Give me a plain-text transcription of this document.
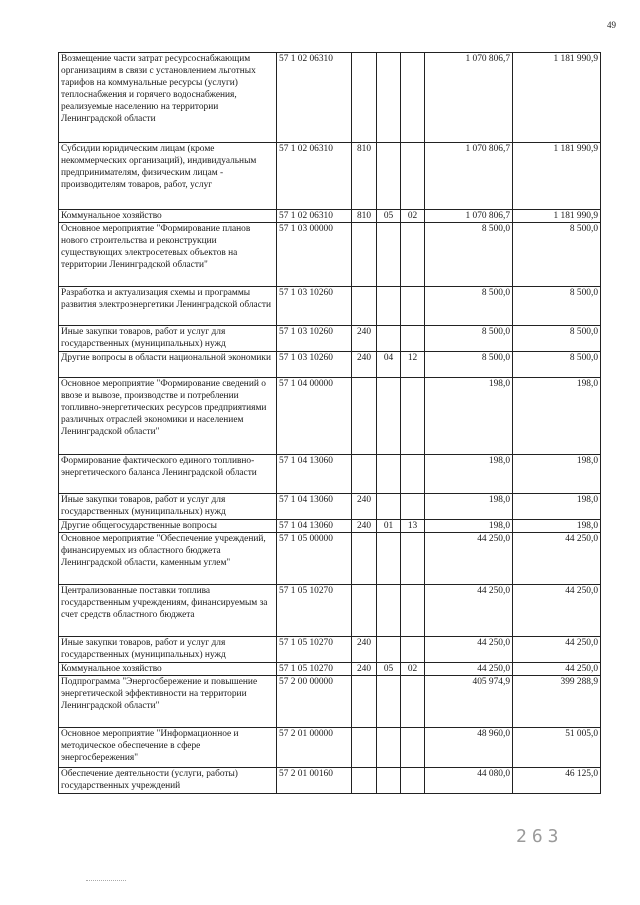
49
Возмещение части затрат ресурсоснабжающим организациям в связи с установлением льготных тарифов на коммунальные ресурсы (услуги) теплоснабжения и горячего водоснабжения, реализуемые населению на территории Ленинградской области	57 1 02 06310				1 070 806,7	1 181 990,9
Субсидии юридическим лицам (кроме некоммерческих организаций), индивидуальным предпринимателям, физическим лицам - производителям товаров, работ, услуг	57 1 02 06310	810			1 070 806,7	1 181 990,9
Коммунальное хозяйство	57 1 02 06310	810	05	02	1 070 806,7	1 181 990,9
Основное мероприятие "Формирование планов нового строительства и реконструкции существующих электросетевых объектов на территории Ленинградской области"	57 1 03 00000				8 500,0	8 500,0
Разработка и актуализация схемы и программы развития электроэнергетики Ленинградской области	57 1 03 10260				8 500,0	8 500,0
Иные закупки товаров, работ и услуг для государственных (муниципальных) нужд	57 1 03 10260	240			8 500,0	8 500,0
Другие вопросы в области национальной экономики	57 1 03 10260	240	04	12	8 500,0	8 500,0
Основное мероприятие "Формирование сведений о ввозе и вывозе, производстве и потреблении топливно-энергетических ресурсов предприятиями различных отраслей экономики и населением Ленинградской области"	57 1 04 00000				198,0	198,0
Формирование фактического единого топливно-энергетического баланса Ленинградской области	57 1 04 13060				198,0	198,0
Иные закупки товаров, работ и услуг для государственных (муниципальных) нужд	57 1 04 13060	240			198,0	198,0
Другие общегосударственные вопросы	57 1 04 13060	240	01	13	198,0	198,0
Основное мероприятие "Обеспечение учреждений, финансируемых из областного бюджета Ленинградской области, каменным углем"	57 1 05 00000				44 250,0	44 250,0
Централизованные поставки топлива государственным учреждениям, финансируемым за счет средств областного бюджета	57 1 05 10270				44 250,0	44 250,0
Иные закупки товаров, работ и услуг для государственных (муниципальных) нужд	57 1 05 10270	240			44 250,0	44 250,0
Коммунальное хозяйство	57 1 05 10270	240	05	02	44 250,0	44 250,0
Подпрограмма "Энергосбережение и повышение энергетической эффективности на территории Ленинградской области"	57 2 00 00000				405 974,9	399 288,9
Основное мероприятие "Информационное и методическое обеспечение в сфере энергосбережения"	57 2 01 00000				48 960,0	51 005,0
Обеспечение деятельности (услуги, работы) государственных учреждений	57 2 01 00160				44 080,0	46 125,0
263
